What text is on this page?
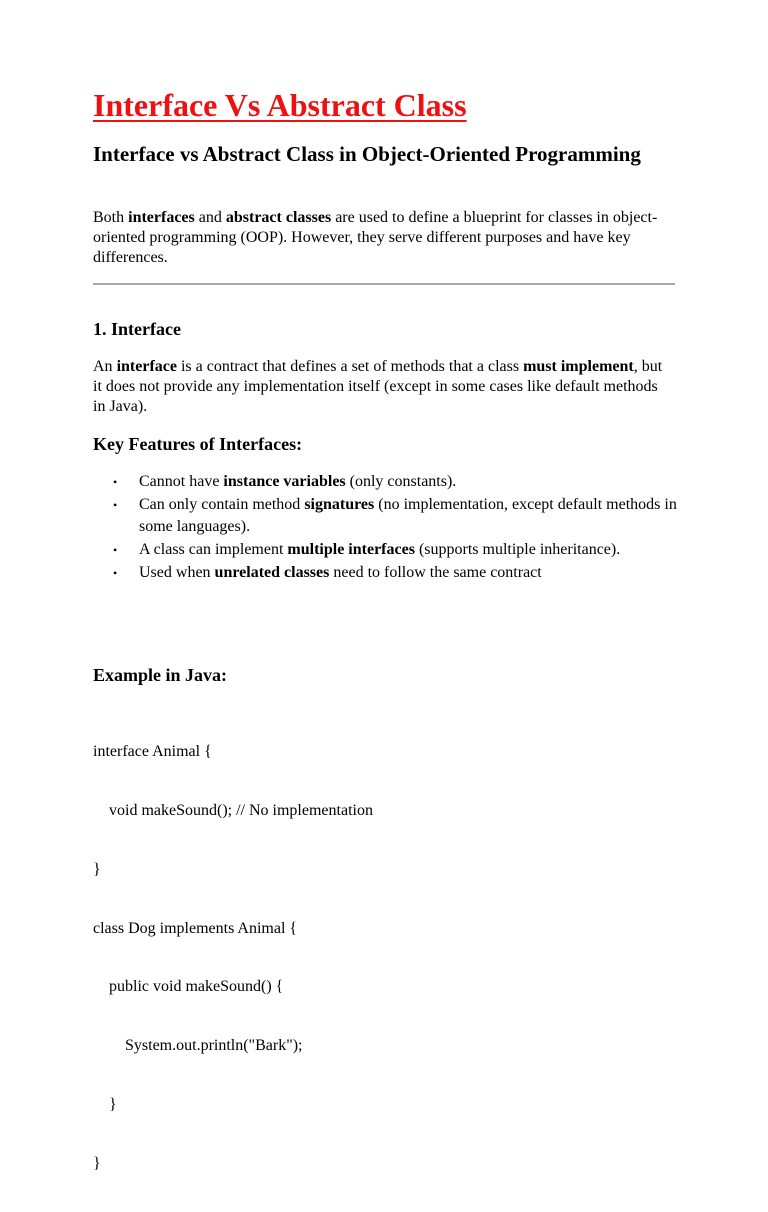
Interface Vs Abstract Class
Interface vs Abstract Class in Object-Oriented Programming

Both interfaces and abstract classes are used to define a blueprint for classes in object-oriented programming (OOP). However, they serve different purposes and have key differences.

1. Interface

An interface is a contract that defines a set of methods that a class must implement, but it does not provide any implementation itself (except in some cases like default methods in Java).

Key Features of Interfaces:
• Cannot have instance variables (only constants).
• Can only contain method signatures (no implementation, except default methods in some languages).
• A class can implement multiple interfaces (supports multiple inheritance).
• Used when unrelated classes need to follow the same contract
Example in Java:

interface Animal {

void makeSound(); // No implementation

}

class Dog implements Animal {

public void makeSound() {

System.out.println("Bark");

}

}
